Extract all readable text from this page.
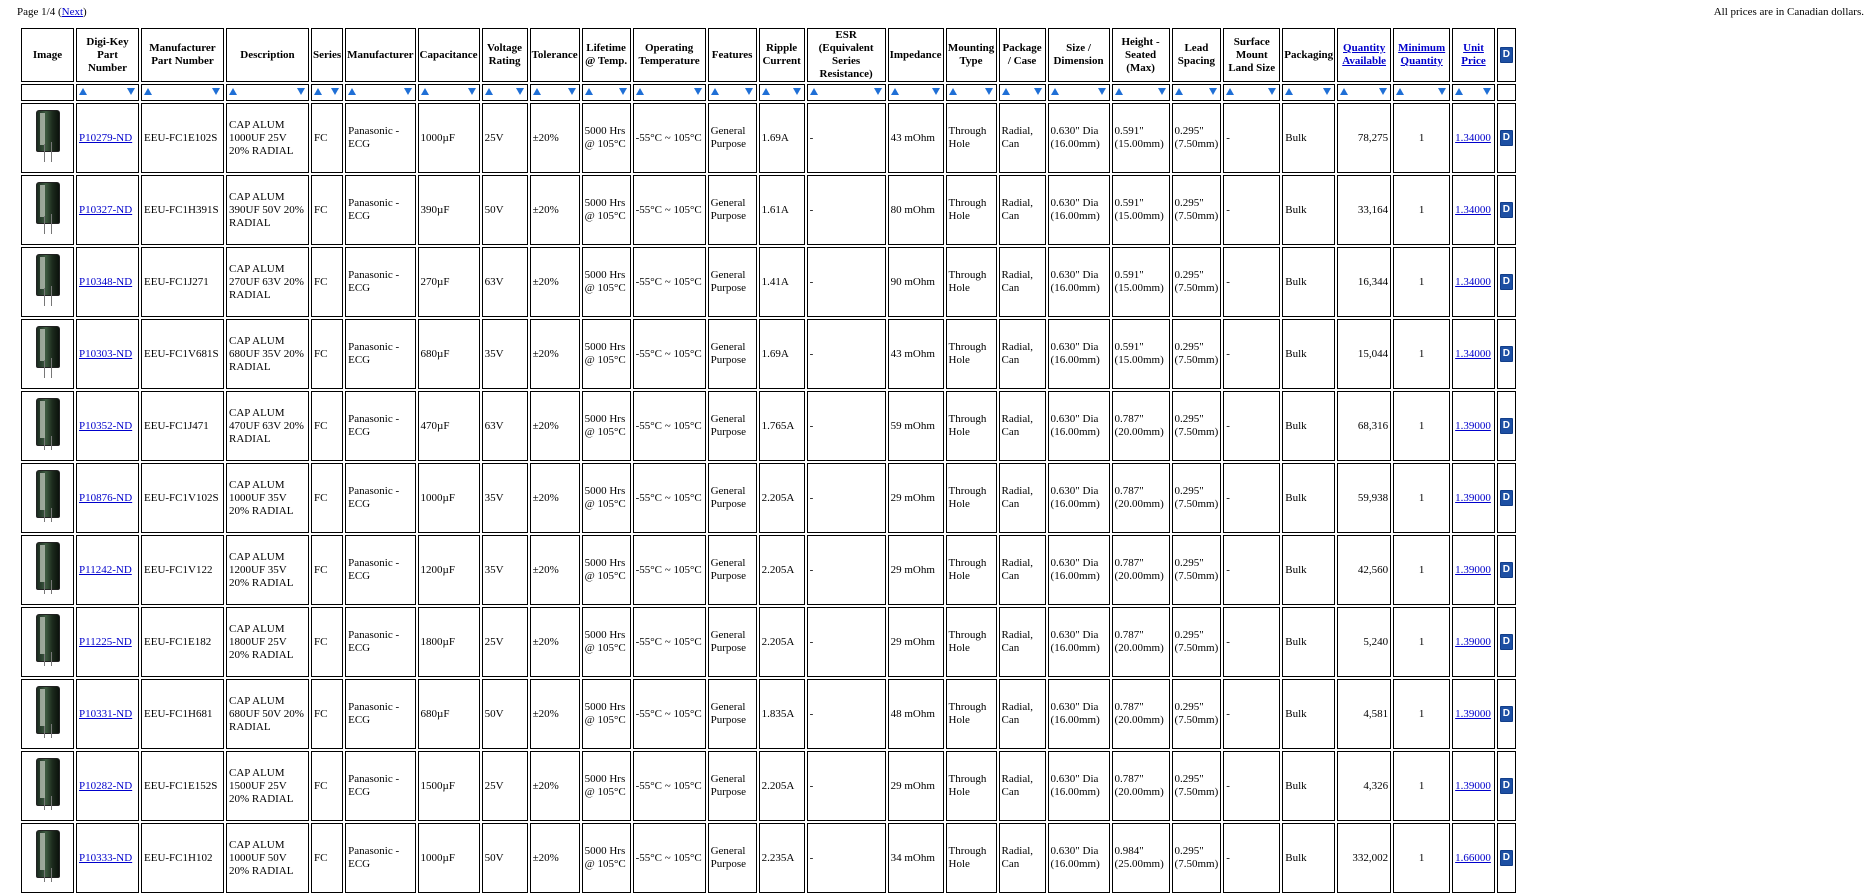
Page 1/4 (Next)	All prices are in Canadian dollars.
Image	Digi-Key Part Number	Manufacturer Part Number	Description	Series	Manufacturer	Capacitance	Voltage Rating	Tolerance	Lifetime @ Temp.	Operating Temperature	Features	Ripple Current	ESR (Equivalent Series Resistance)	Impedance	Mounting Type	Package / Case	Size / Dimension	Height - Seated (Max)	Lead Spacing	Surface Mount Land Size	Packaging	Quantity Available	Minimum Quantity	Unit Price	D

	P10279-ND	EEU-FC1E102S	CAP ALUM 1000UF 25V 20% RADIAL	FC	Panasonic - ECG	1000µF	25V	±20%	5000 Hrs @ 105°C	-55°C ~ 105°C	General Purpose	1.69A	-	43 mOhm	Through Hole	Radial, Can	0.630" Dia (16.00mm)	0.591" (15.00mm)	0.295" (7.50mm)	-	Bulk	78,275	1	1.34000	D

	P10327-ND	EEU-FC1H391S	CAP ALUM 390UF 50V 20% RADIAL	FC	Panasonic - ECG	390µF	50V	±20%	5000 Hrs @ 105°C	-55°C ~ 105°C	General Purpose	1.61A	-	80 mOhm	Through Hole	Radial, Can	0.630" Dia (16.00mm)	0.591" (15.00mm)	0.295" (7.50mm)	-	Bulk	33,164	1	1.34000	D

	P10348-ND	EEU-FC1J271	CAP ALUM 270UF 63V 20% RADIAL	FC	Panasonic - ECG	270µF	63V	±20%	5000 Hrs @ 105°C	-55°C ~ 105°C	General Purpose	1.41A	-	90 mOhm	Through Hole	Radial, Can	0.630" Dia (16.00mm)	0.591" (15.00mm)	0.295" (7.50mm)	-	Bulk	16,344	1	1.34000	D

	P10303-ND	EEU-FC1V681S	CAP ALUM 680UF 35V 20% RADIAL	FC	Panasonic - ECG	680µF	35V	±20%	5000 Hrs @ 105°C	-55°C ~ 105°C	General Purpose	1.69A	-	43 mOhm	Through Hole	Radial, Can	0.630" Dia (16.00mm)	0.591" (15.00mm)	0.295" (7.50mm)	-	Bulk	15,044	1	1.34000	D

	P10352-ND	EEU-FC1J471	CAP ALUM 470UF 63V 20% RADIAL	FC	Panasonic - ECG	470µF	63V	±20%	5000 Hrs @ 105°C	-55°C ~ 105°C	General Purpose	1.765A	-	59 mOhm	Through Hole	Radial, Can	0.630" Dia (16.00mm)	0.787" (20.00mm)	0.295" (7.50mm)	-	Bulk	68,316	1	1.39000	D

	P10876-ND	EEU-FC1V102S	CAP ALUM 1000UF 35V 20% RADIAL	FC	Panasonic - ECG	1000µF	35V	±20%	5000 Hrs @ 105°C	-55°C ~ 105°C	General Purpose	2.205A	-	29 mOhm	Through Hole	Radial, Can	0.630" Dia (16.00mm)	0.787" (20.00mm)	0.295" (7.50mm)	-	Bulk	59,938	1	1.39000	D

	P11242-ND	EEU-FC1V122	CAP ALUM 1200UF 35V 20% RADIAL	FC	Panasonic - ECG	1200µF	35V	±20%	5000 Hrs @ 105°C	-55°C ~ 105°C	General Purpose	2.205A	-	29 mOhm	Through Hole	Radial, Can	0.630" Dia (16.00mm)	0.787" (20.00mm)	0.295" (7.50mm)	-	Bulk	42,560	1	1.39000	D

	P11225-ND	EEU-FC1E182	CAP ALUM 1800UF 25V 20% RADIAL	FC	Panasonic - ECG	1800µF	25V	±20%	5000 Hrs @ 105°C	-55°C ~ 105°C	General Purpose	2.205A	-	29 mOhm	Through Hole	Radial, Can	0.630" Dia (16.00mm)	0.787" (20.00mm)	0.295" (7.50mm)	-	Bulk	5,240	1	1.39000	D

	P10331-ND	EEU-FC1H681	CAP ALUM 680UF 50V 20% RADIAL	FC	Panasonic - ECG	680µF	50V	±20%	5000 Hrs @ 105°C	-55°C ~ 105°C	General Purpose	1.835A	-	48 mOhm	Through Hole	Radial, Can	0.630" Dia (16.00mm)	0.787" (20.00mm)	0.295" (7.50mm)	-	Bulk	4,581	1	1.39000	D

	P10282-ND	EEU-FC1E152S	CAP ALUM 1500UF 25V 20% RADIAL	FC	Panasonic - ECG	1500µF	25V	±20%	5000 Hrs @ 105°C	-55°C ~ 105°C	General Purpose	2.205A	-	29 mOhm	Through Hole	Radial, Can	0.630" Dia (16.00mm)	0.787" (20.00mm)	0.295" (7.50mm)	-	Bulk	4,326	1	1.39000	D

	P10333-ND	EEU-FC1H102	CAP ALUM 1000UF 50V 20% RADIAL	FC	Panasonic - ECG	1000µF	50V	±20%	5000 Hrs @ 105°C	-55°C ~ 105°C	General Purpose	2.235A	-	34 mOhm	Through Hole	Radial, Can	0.630" Dia (16.00mm)	0.984" (25.00mm)	0.295" (7.50mm)	-	Bulk	332,002	1	1.66000	D
